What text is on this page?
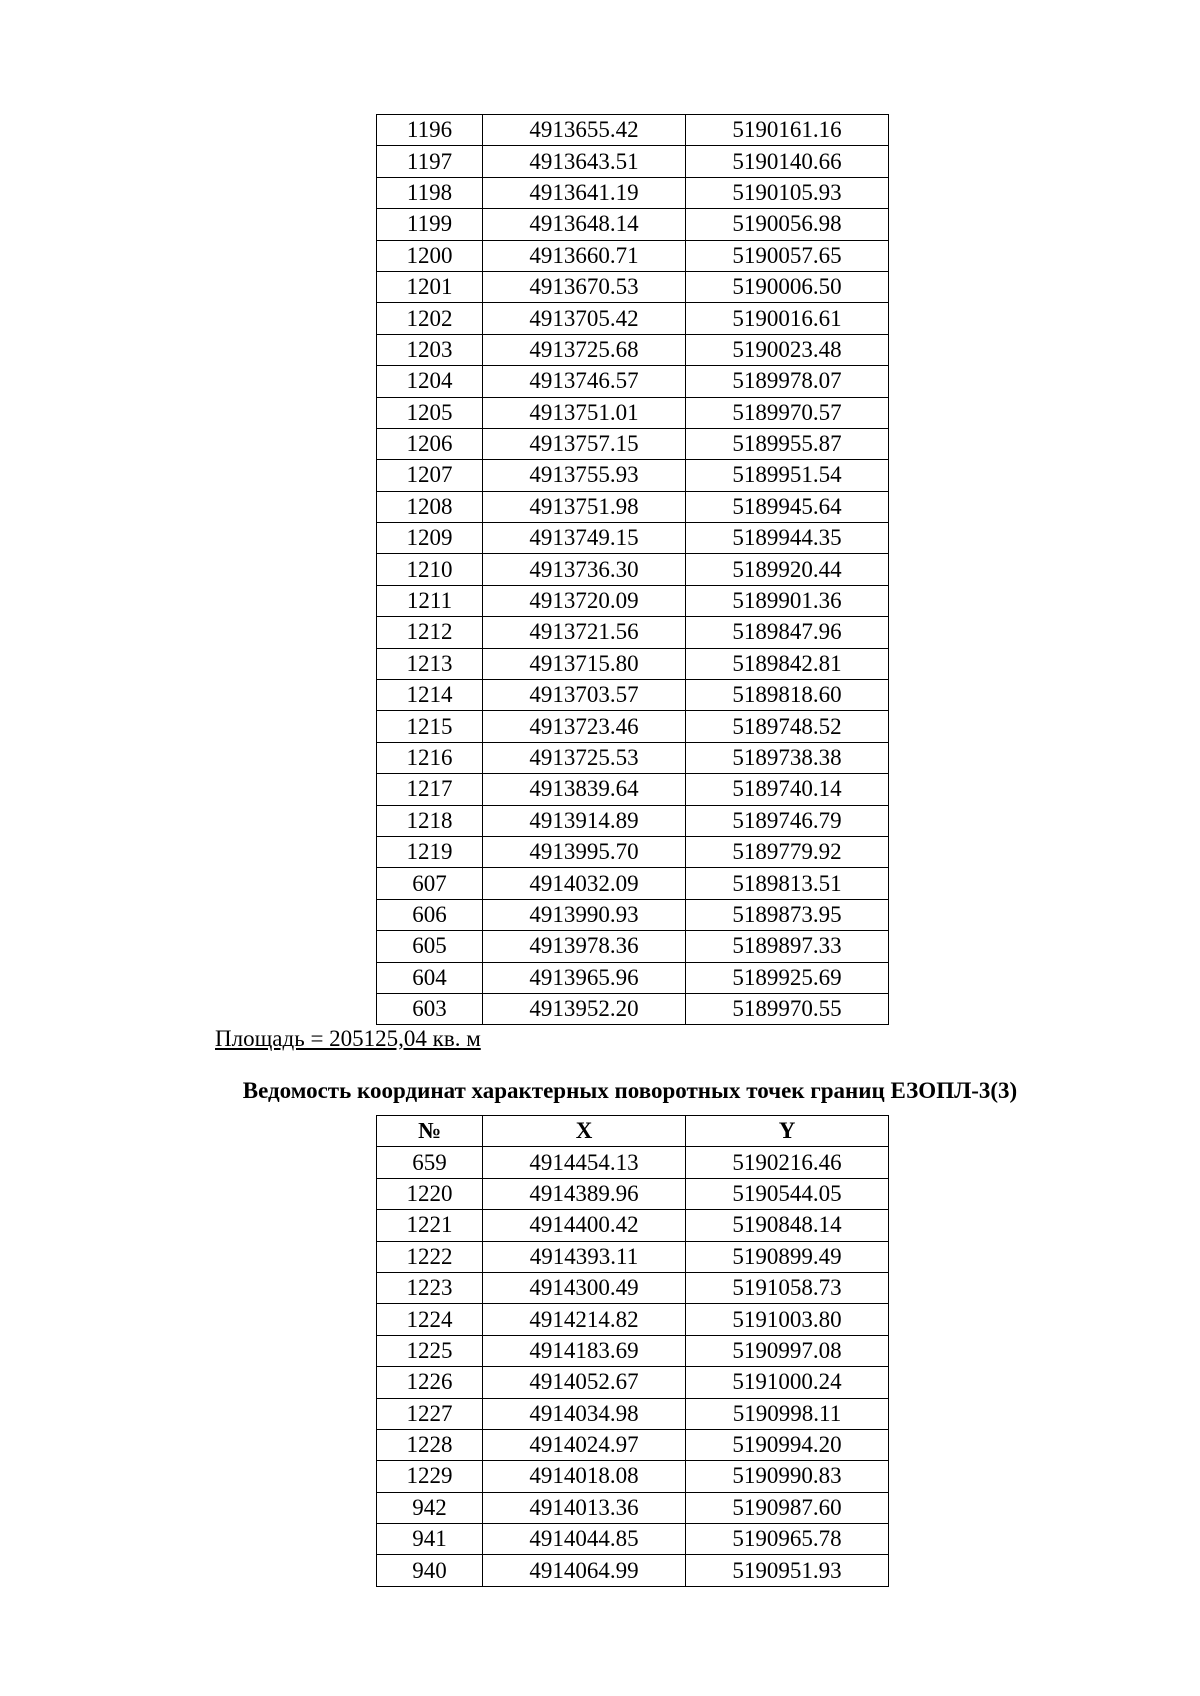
1196	4913655.42	5190161.16
1197	4913643.51	5190140.66
1198	4913641.19	5190105.93
1199	4913648.14	5190056.98
1200	4913660.71	5190057.65
1201	4913670.53	5190006.50
1202	4913705.42	5190016.61
1203	4913725.68	5190023.48
1204	4913746.57	5189978.07
1205	4913751.01	5189970.57
1206	4913757.15	5189955.87
1207	4913755.93	5189951.54
1208	4913751.98	5189945.64
1209	4913749.15	5189944.35
1210	4913736.30	5189920.44
1211	4913720.09	5189901.36
1212	4913721.56	5189847.96
1213	4913715.80	5189842.81
1214	4913703.57	5189818.60
1215	4913723.46	5189748.52
1216	4913725.53	5189738.38
1217	4913839.64	5189740.14
1218	4913914.89	5189746.79
1219	4913995.70	5189779.92
607	4914032.09	5189813.51
606	4913990.93	5189873.95
605	4913978.36	5189897.33
604	4913965.96	5189925.69
603	4913952.20	5189970.55
Площадь = 205125,04 кв. м
Ведомость координат характерных поворотных точек границ ЕЗОПЛ-3(3)
№	X	Y
659	4914454.13	5190216.46
1220	4914389.96	5190544.05
1221	4914400.42	5190848.14
1222	4914393.11	5190899.49
1223	4914300.49	5191058.73
1224	4914214.82	5191003.80
1225	4914183.69	5190997.08
1226	4914052.67	5191000.24
1227	4914034.98	5190998.11
1228	4914024.97	5190994.20
1229	4914018.08	5190990.83
942	4914013.36	5190987.60
941	4914044.85	5190965.78
940	4914064.99	5190951.93
